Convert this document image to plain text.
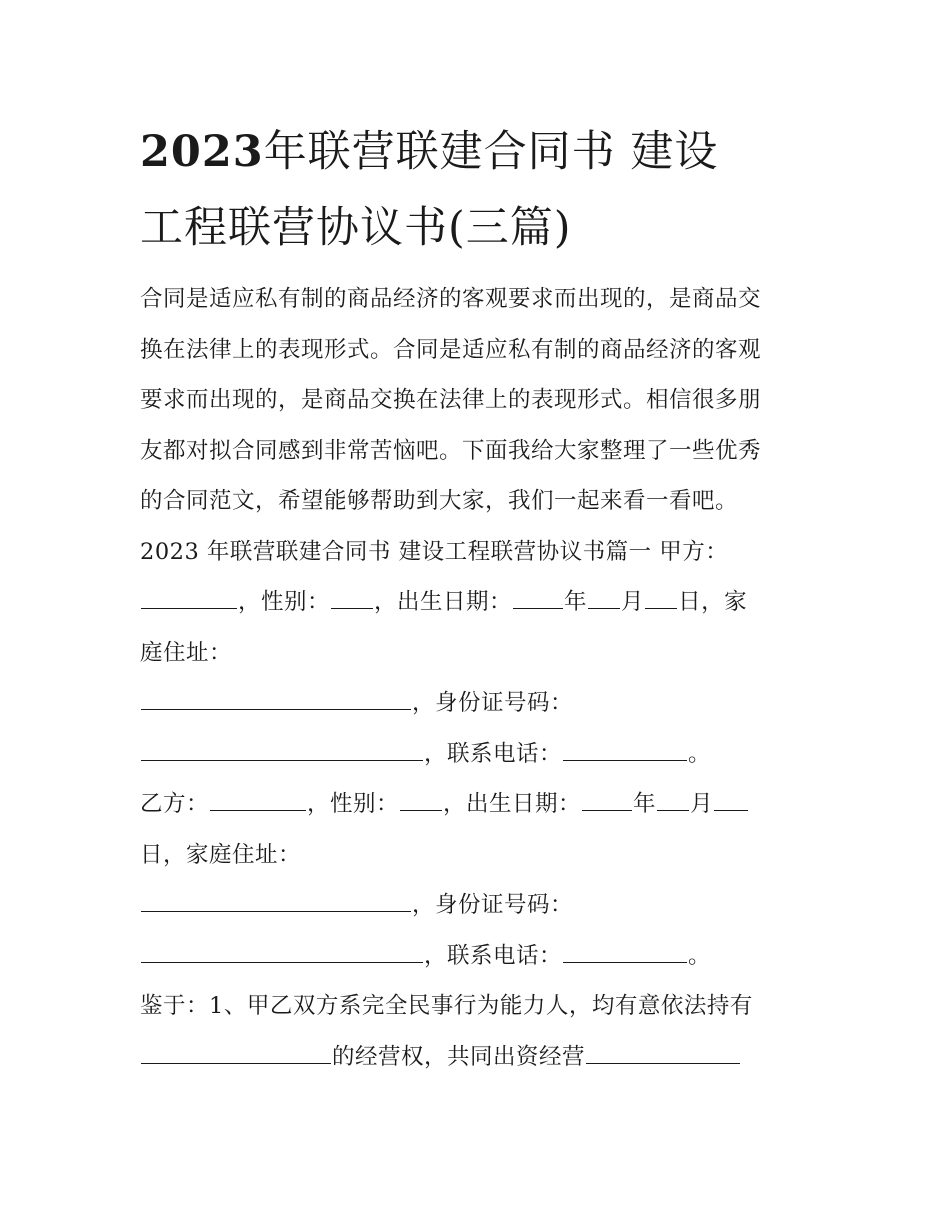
2023年联营联建合同书 建设
工程联营协议书(三篇)
合同是适应私有制的商品经济的客观要求而出现的，是商品交
换在法律上的表现形式。合同是适应私有制的商品经济的客观
要求而出现的，是商品交换在法律上的表现形式。相信很多朋
友都对拟合同感到非常苦恼吧。下面我给大家整理了一些优秀
的合同范文，希望能够帮助到大家，我们一起来看一看吧。
2023 年联营联建合同书 建设工程联营协议书篇一 甲方：
，性别： ，出生日期： 年 月 日，家
庭住址：
，身份证号码：
，联系电话：	。
乙方：	，性别： ，出生日期： 年 月
日，家庭住址：
，身份证号码：
，联系电话：	。
鉴于：1、甲乙双方系完全民事行为能力人，均有意依法持有
的经营权，共同出资经营
